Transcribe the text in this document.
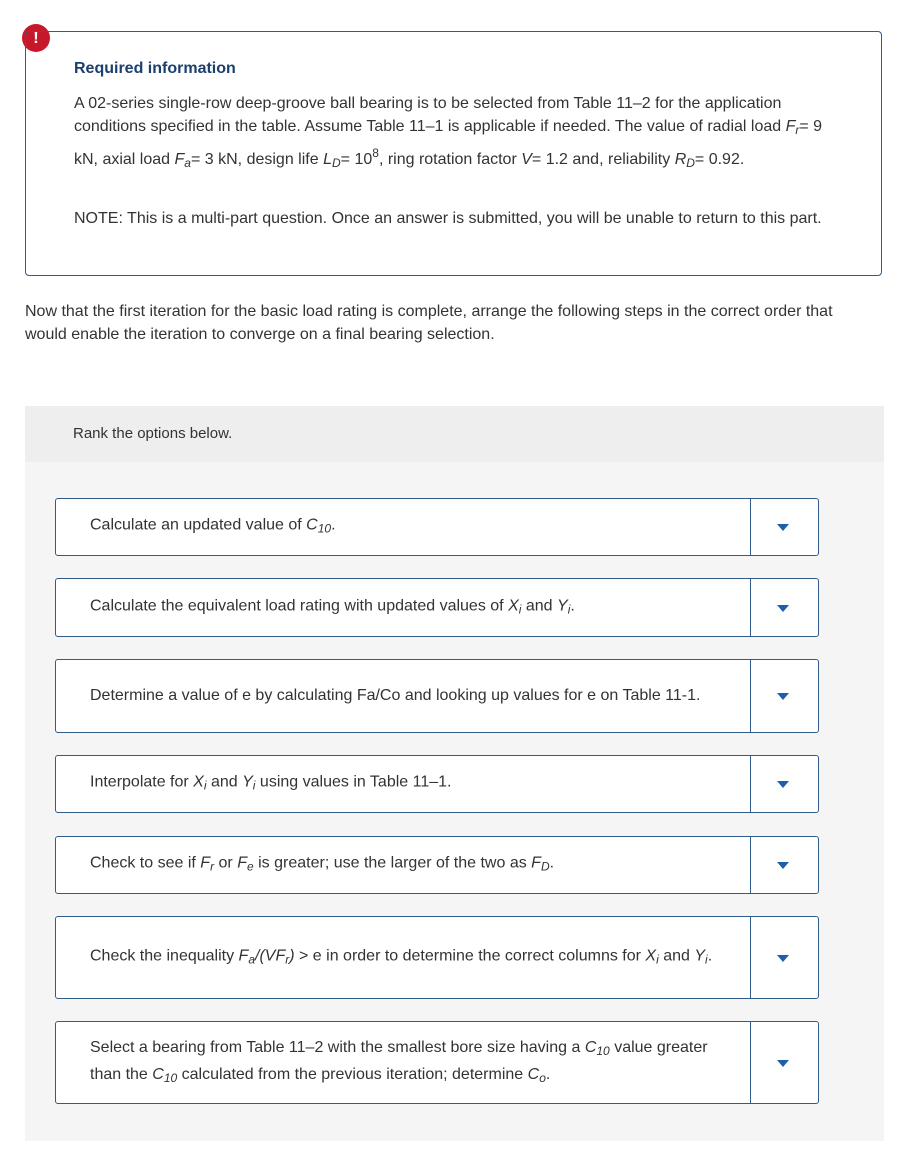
!
Required information
A 02-series single-row deep-groove ball bearing is to be selected from Table 11–2 for the application conditions specified in the table. Assume Table 11–1 is applicable if needed. The value of radial load $F_r= 9$ kN, axial load $F_a= 3$ kN, design life $L_D= 10^8$, ring rotation factor V= 1.2 and, reliability $R_D= 0.92$.
NOTE: This is a multi-part question. Once an answer is submitted, you will be unable to return to this part.
Now that the first iteration for the basic load rating is complete, arrange the following steps in the correct order that would enable the iteration to converge on a final bearing selection.
Rank the options below.
Calculate an updated value of $C_{10}$.
Calculate the equivalent load rating with updated values of $X_i$ and $Y_i$.
Determine a value of e by calculating Fa/Co and looking up values for e on Table 11-1.
Interpolate for $X_i$ and $Y_i$ using values in Table 11–1.
Check to see if $F_r$ or $F_e$ is greater; use the larger of the two as $F_D$.
Check the inequality $F_a/(VF_r) > e$ in order to determine the correct columns for $X_i$ and $Y_i$.
Select a bearing from Table 11–2 with the smallest bore size having a $C_{10}$ value greater than the $C_{10}$ calculated from the previous iteration; determine $C_o$.
